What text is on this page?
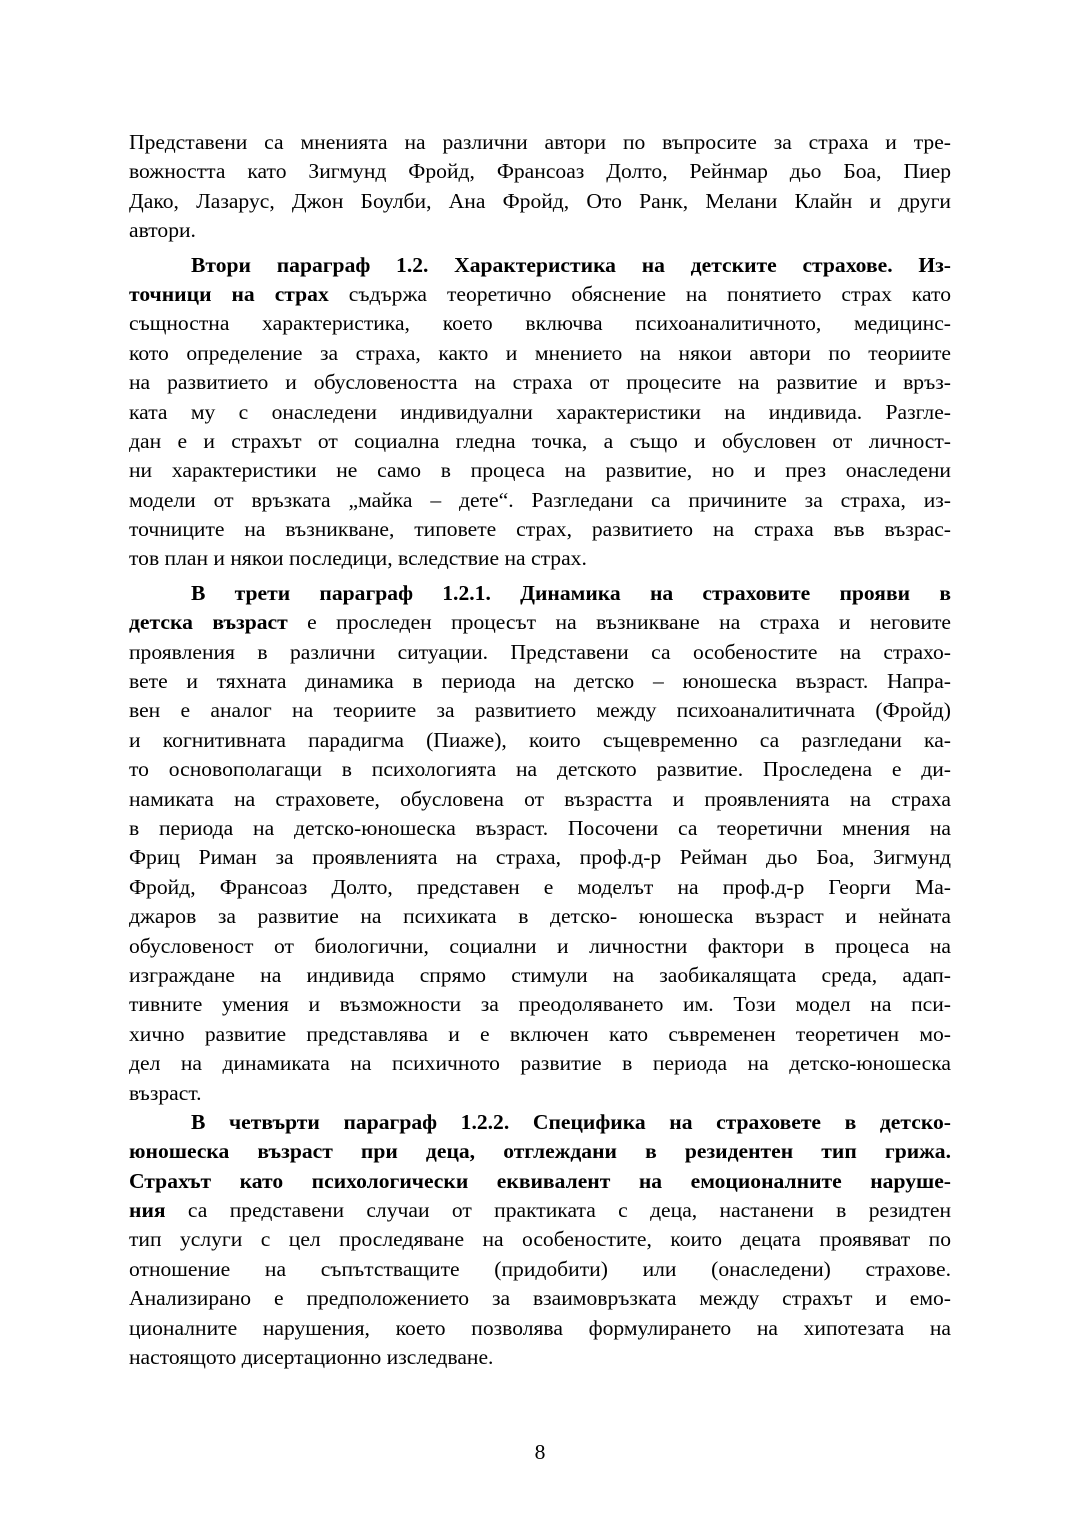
Представени са мненията на различни автори по въпросите за страха и тре-
вожността като Зигмунд Фройд, Франсоаз Долто, Рейнмар дьо Боа, Пиер
Дако, Лазарус, Джон Боулби, Ана Фройд, Ото Ранк, Мелани Клайн и други
автори.
Втори параграф 1.2. Характеристика на детските страхове. Из-
точници на страх съдържа теоретично обяснение на понятието страх като
същностна характеристика, което включва психоаналитичното, медицинс-
кото определение за страха, както и мнението на някои автори по теориите
на развитието и обусловеността на страха от процесите на развитие и връз-
ката му с онаследени индивидуални характеристики на индивида. Разгле-
дан е и страхът от социална гледна точка, а също и обусловен от личност-
ни характеристики не само в процеса на развитие, но и през онаследени
модели от връзката „майка – дете“. Разгледани са причините за страха, из-
точниците на възникване, типовете страх, развитието на страха във възрас-
тов план и някои последици, вследствие на страх.
В трети параграф 1.2.1. Динамика на страховите прояви в
детска възраст е проследен процесът на възникване на страха и неговите
проявления в различни ситуации. Представени са особеностите на страхо-
вете и тяхната динамика в периода на детско – юношеска възраст. Напра-
вен е аналог на теориите за развитието между психоаналитичната (Фройд)
и когнитивната парадигма (Пиаже), които същевременно са разгледани ка-
то основополагащи в психологията на детското развитие. Проследена е ди-
намиката на страховете, обусловена от възрастта и проявленията на страха
в периода на детско-юношеска възраст. Посочени са теоретични мнения на
Фриц Риман за проявленията на страха, проф.д-р Рейман дьо Боа, Зигмунд
Фройд, Франсоаз Долто, представен е моделът на проф.д-р Георги Ма-
джаров за развитие на психиката в детско- юношеска възраст и нейната
обусловеност от биологични, социални и личностни фактори в процеса на
изграждане на индивида спрямо стимули на заобикалящата среда, адап-
тивните умения и възможности за преодоляването им. Този модел на пси-
хично развитие представлява и е включен като съвременен теоретичен мо-
дел на динамиката на психичното развитие в периода на детско-юношеска
възраст.
В четвърти параграф 1.2.2. Специфика на страховете в детско-
юношеска възраст при деца, отглеждани в резидентен тип грижа.
Страхът като психологически еквивалент на емоционалните наруше-
ния са представени случаи от практиката с деца, настанени в резидтен
тип услуги с цел проследяване на особеностите, които децата проявяват по
отношение на съпътстващите (придобити) или (онаследени) страхове.
Анализирано е предположението за взаимовръзката между страхът и емо-
ционалните нарушения, което позволява формулирането на хипотезата на
настоящото дисертационно изследване.
8
